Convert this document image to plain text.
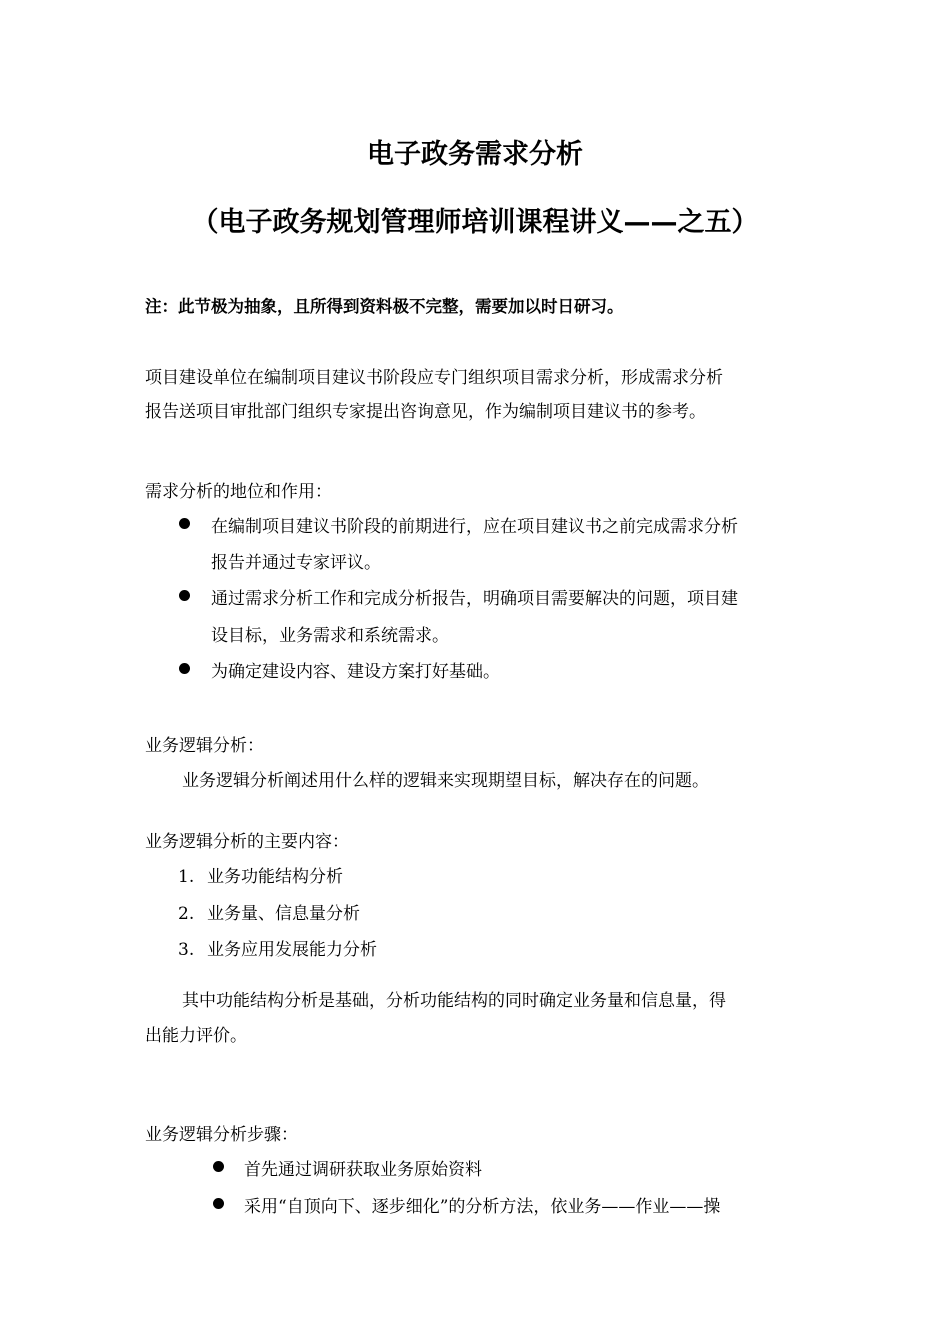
电子政务需求分析
（电子政务规划管理师培训课程讲义——之五）
注：此节极为抽象，且所得到资料极不完整，需要加以时日研习。
项目建设单位在编制项目建议书阶段应专门组织项目需求分析，形成需求分析
报告送项目审批部门组织专家提出咨询意见，作为编制项目建议书的参考。
需求分析的地位和作用：
在编制项目建议书阶段的前期进行，应在项目建议书之前完成需求分析
报告并通过专家评议。
通过需求分析工作和完成分析报告，明确项目需要解决的问题，项目建
设目标，业务需求和系统需求。
为确定建设内容、建设方案打好基础。
业务逻辑分析：
业务逻辑分析阐述用什么样的逻辑来实现期望目标，解决存在的问题。
业务逻辑分析的主要内容：
1. 业务功能结构分析
2. 业务量、信息量分析
3. 业务应用发展能力分析
其中功能结构分析是基础，分析功能结构的同时确定业务量和信息量，得
出能力评价。
业务逻辑分析步骤：
首先通过调研获取业务原始资料
采用“自顶向下、逐步细化”的分析方法，依业务——作业——操
